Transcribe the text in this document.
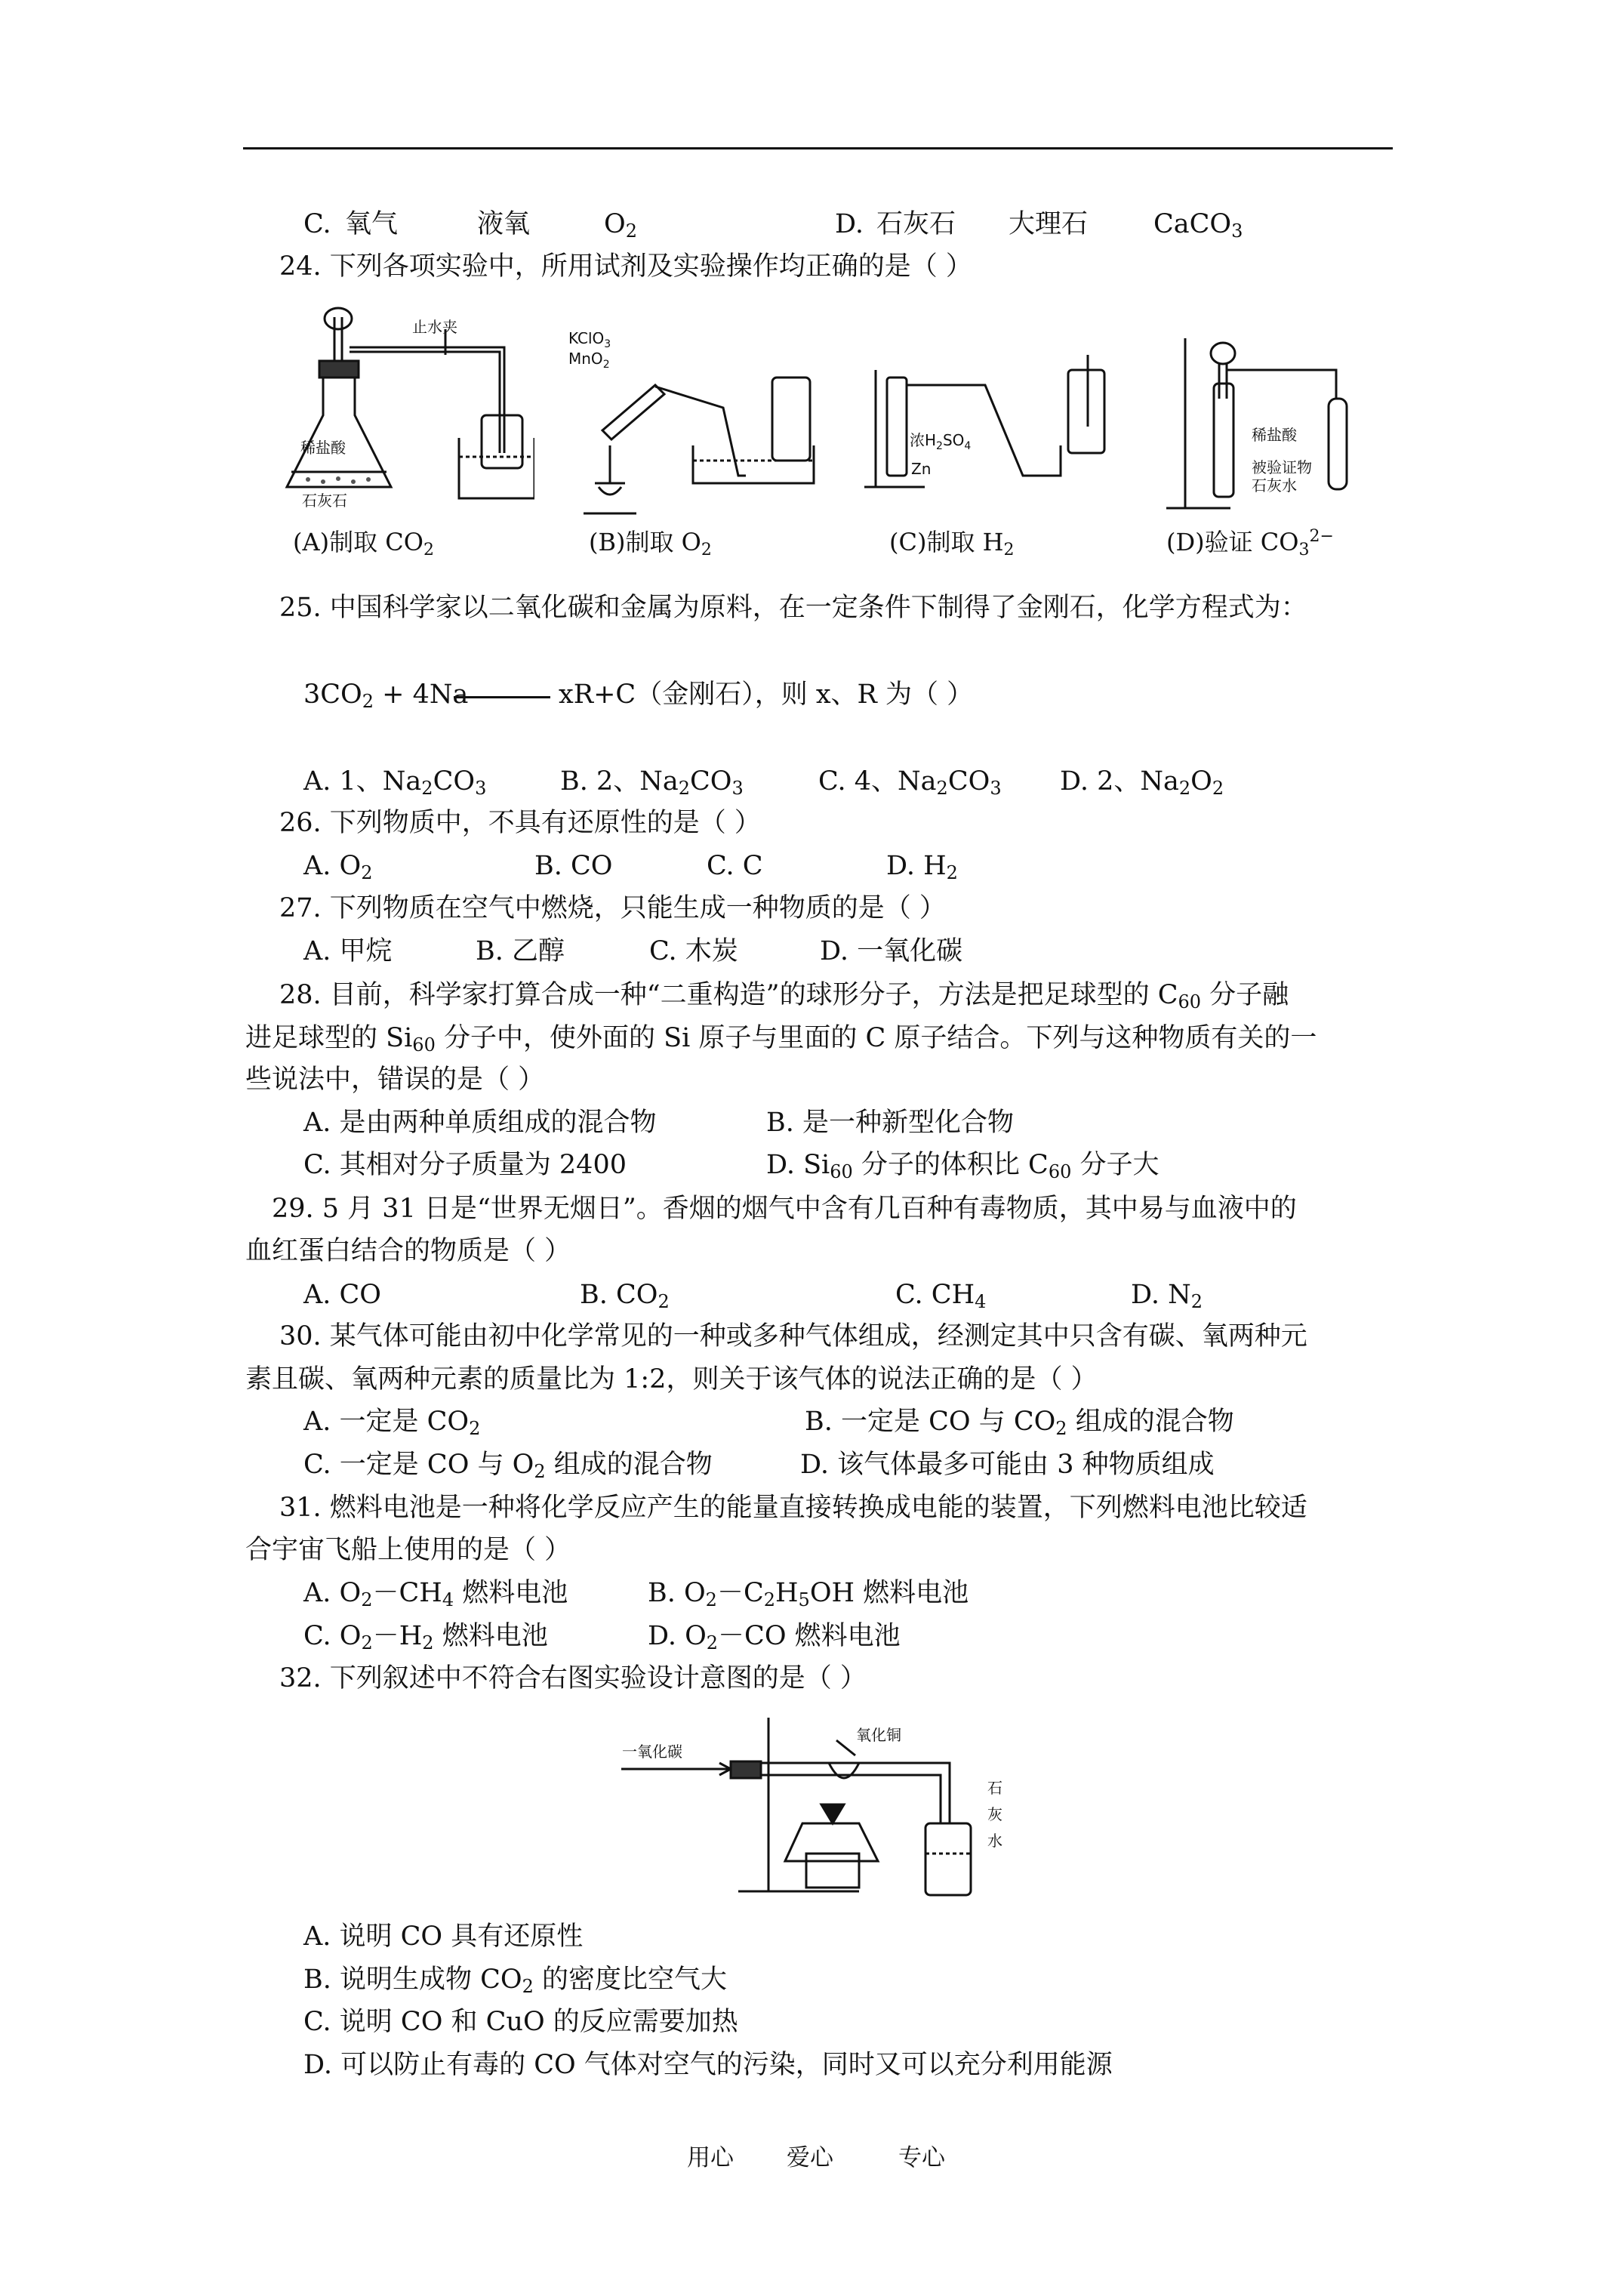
C. 氧气	液氧	$O_2$	D. 石灰石 大理石 CaCO$_3$
24. 下列各项实验中，所用试剂及实验操作均正确的是（ ）
止水夹
稀盐酸
石灰石
(A)制取 $CO_2$
KClO$_3$
MnO$_2$
(B)制取 $O_2$
浓$H_2SO_4$
Zn
(C)制取 $H_2$
稀盐酸
被验证物
石灰水
(D)验证 $CO_3^{2-}$
25. 中国科学家以二氧化碳和金属为原料，在一定条件下制得了金刚石，化学方程式为：
$3CO_2 + 4Na$	xR+C（金刚石），则 x、R 为（ ）
A. 1、$Na_2CO_3$	B. 2、$Na_2CO_3$	C. 4、$Na_2CO_3$ D. 2、$Na_2O_2$
26. 下列物质中，不具有还原性的是（ ）
A. $O_2$	B. CO	C. C	D. $H_2$
27. 下列物质在空气中燃烧，只能生成一种物质的是（ ）
A. 甲烷	B. 乙醇	C. 木炭	D. 一氧化碳
28. 目前，科学家打算合成一种“二重构造”的球形分子，方法是把足球型的 $C_{60}$ 分子融
进足球型的 $Si_{60}$ 分子中，使外面的 Si 原子与里面的 C 原子结合。下列与这种物质有关的一
些说法中，错误的是（ ）
A. 是由两种单质组成的混合物	B. 是一种新型化合物
C. 其相对分子质量为 2400	D. $Si_{60}$ 分子的体积比 $C_{60}$ 分子大
29. 5 月 31 日是“世界无烟日”。香烟的烟气中含有几百种有毒物质，其中易与血液中的
血红蛋白结合的物质是（ ）
A. CO	B. $CO_2$	C. $CH_4$	D. $N_2$
30. 某气体可能由初中化学常见的一种或多种气体组成，经测定其中只含有碳、氧两种元
素且碳、氧两种元素的质量比为 1:2，则关于该气体的说法正确的是（ ）
A. 一定是 $CO_2$	B. 一定是 CO 与 $CO_2$ 组成的混合物
C. 一定是 CO 与 $O_2$ 组成的混合物	D. 该气体最多可能由 3 种物质组成
31. 燃料电池是一种将化学反应产生的能量直接转换成电能的装置，下列燃料电池比较适
合宇宙飞船上使用的是（ ）
A. $O_2-CH_4$ 燃料电池	B. $O_2-C_2H_5OH$ 燃料电池
C. $O_2-H_2$ 燃料电池	D. $O_2-CO$ 燃料电池
32. 下列叙述中不符合右图实验设计意图的是（ ）
一氧化碳
氧化铜
石
灰
水
A. 说明 CO 具有还原性
B. 说明生成物 $CO_2$ 的密度比空气大
C. 说明 CO 和 CuO 的反应需要加热
D. 可以防止有毒的 CO 气体对空气的污染，同时又可以充分利用能源
用心 爱心	专心
